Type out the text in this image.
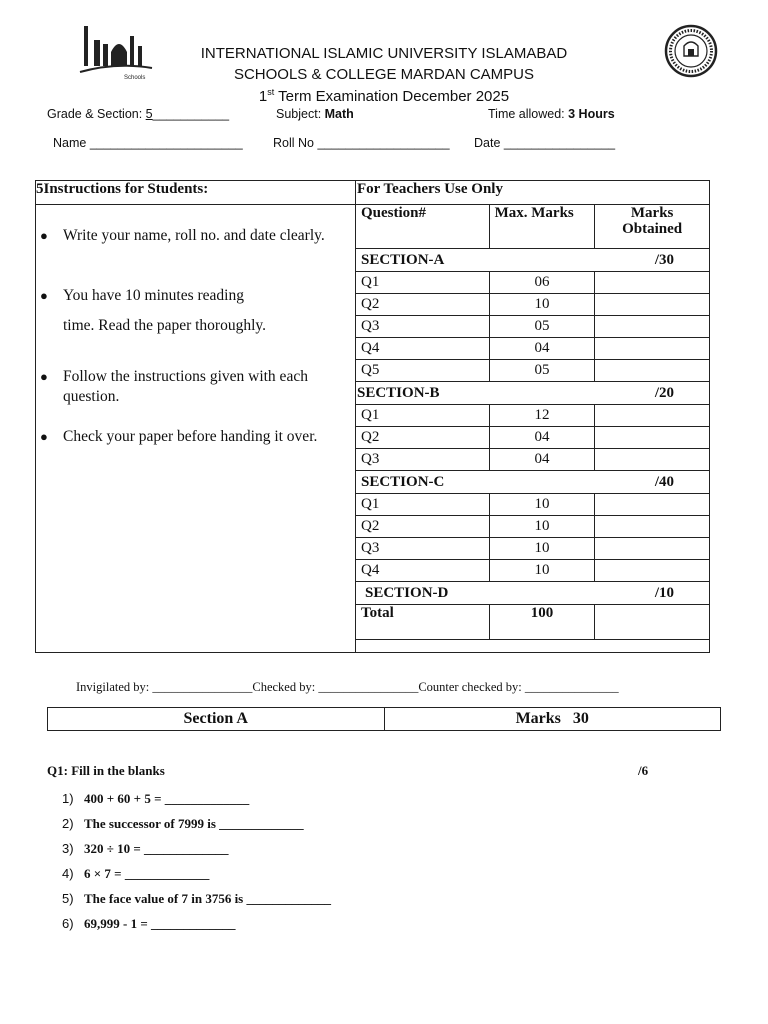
Schools
INTERNATIONAL ISLAMIC UNIVERSITY ISLAMABAD
SCHOOLS & COLLEGE MARDAN CAMPUS
1st Term Examination December 2025
Grade & Section: 5___________	Subject: Math	Time allowed: 3 Hours
Name ______________________ Roll No ___________________ Date ________________
5Instructions for Students:	For Teachers Use Only
● Write your name, roll no. and date clearly.
● You have 10 minutes reading
time. Read the paper thoroughly.
● Follow the instructions given with each question.
● Check your paper before handing it over.
Question#	Max. Marks	Marks
Obtained

SECTION-A /30		

Q1	06	
Q2	10	
Q3	05	
Q4	04	
Q5	05	

SECTION-B /20		

Q1	12	
Q2	04	
Q3	04	

SECTION-C /40		

Q1	10	
Q2	10	
Q3	10	
Q4	10	

SECTION-D /10		

Total	100	
Invigilated by: ________________Checked by: ________________Counter checked by: _______________
Section A	Marks   30
Q1: Fill in the blanks	/6
1) 400 + 60 + 5 = _____________
2) The successor of 7999 is _____________
3) 320 ÷ 10 = _____________
4) 6 × 7 = _____________
5) The face value of 7 in 3756 is _____________
6) 69,999 - 1 = _____________
